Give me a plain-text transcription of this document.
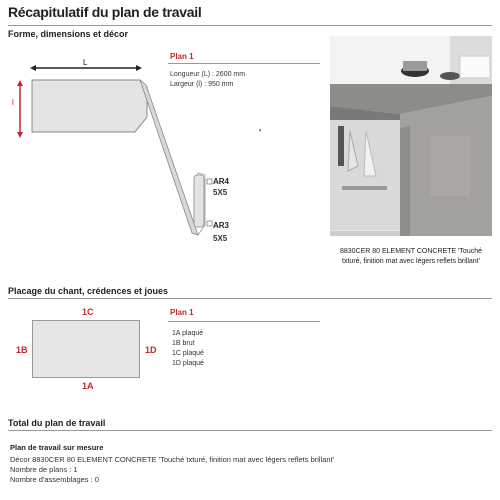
Récapitulatif du plan de travail
Forme, dimensions et décor
L
l
AR4
5X5
AR3
5X5
Plan 1
Longueur (L) : 2600 mm
Largeur (l) : 950 mm
▪
8830CER 80 ELEMENT CONCRETE 'Touché txturé, finition mat avec légers reflets brillant'
Placage du chant, crédences et joues
1C
1B	1D
1A
Plan 1
1A plaqué
1B brut
1C plaqué
1D plaqué
Total du plan de travail
Plan de travail sur mesure
Décor 8830CER 80 ELEMENT CONCRETE 'Touché txturé, finition mat avec légers reflets brillant'
Nombre de plans : 1
Nombre d'assemblages : 0
